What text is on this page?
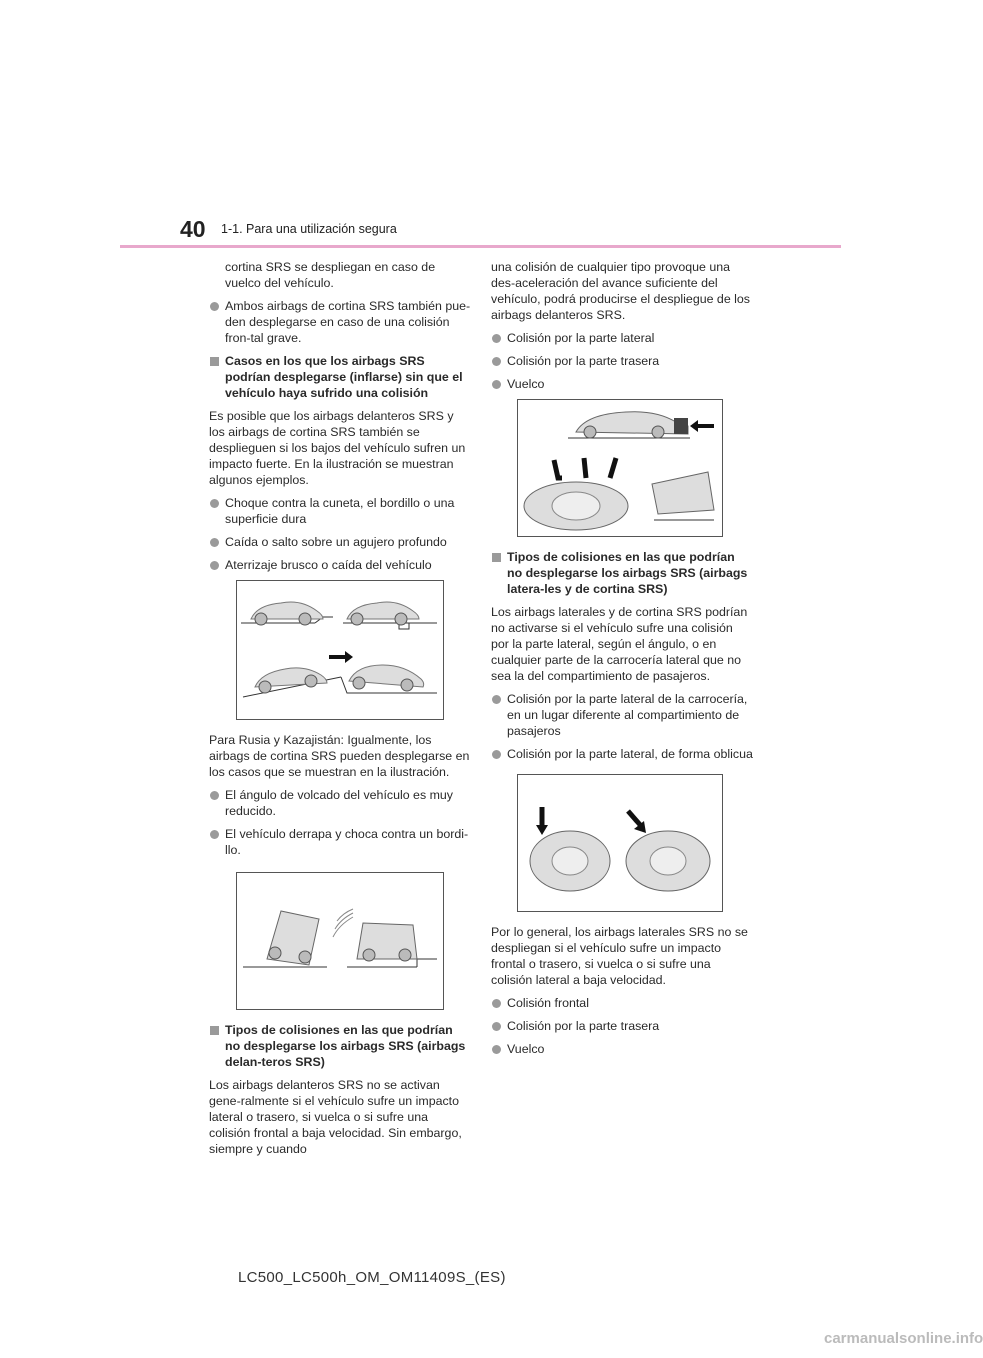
40 1-1. Para una utilización segura

cortina SRS se despliegan en caso de vuelco del vehículo.

Ambos airbags de cortina SRS también pue-den desplegarse en caso de una colisión fron-tal grave.
Casos en los que los airbags SRS podrían desplegarse (inflarse) sin que el vehículo haya sufrido una colisión

Es posible que los airbags delanteros SRS y los airbags de cortina SRS también se desplieguen si los bajos del vehículo sufren un impacto fuerte. En la ilustración se muestran algunos ejemplos.

Choque contra la cuneta, el bordillo o una superficie dura
Caída o salto sobre un agujero profundo
Aterrizaje brusco o caída del vehículo

Para Rusia y Kazajistán: Igualmente, los airbags de cortina SRS pueden desplegarse en los casos que se muestran en la ilustración.

El ángulo de volcado del vehículo es muy reducido.
El vehículo derrapa y choca contra un bordi-llo.
Tipos de colisiones en las que podrían no desplegarse los airbags SRS (airbags delan-teros SRS)

Los airbags delanteros SRS no se activan gene-ralmente si el vehículo sufre un impacto lateral o trasero, si vuelca o si sufre una colisión frontal a baja velocidad. Sin embargo, siempre y cuando

una colisión de cualquier tipo provoque una des-aceleración del avance suficiente del vehículo, podrá producirse el despliegue de los airbags delanteros SRS.

Colisión por la parte lateral
Colisión por la parte trasera
Vuelco
Tipos de colisiones en las que podrían no desplegarse los airbags SRS (airbags latera-les y de cortina SRS)

Los airbags laterales y de cortina SRS podrían no activarse si el vehículo sufre una colisión por la parte lateral, según el ángulo, o en cualquier parte de la carrocería lateral que no sea la del compartimiento de pasajeros.

Colisión por la parte lateral de la carrocería, en un lugar diferente al compartimiento de pasajeros
Colisión por la parte lateral, de forma oblicua

Por lo general, los airbags laterales SRS no se despliegan si el vehículo sufre un impacto frontal o trasero, si vuelca o si sufre una colisión lateral a baja velocidad.

Colisión frontal
Colisión por la parte trasera
Vuelco
LC500_LC500h_OM_OM11409S_(ES)
carmanualsonline.info
